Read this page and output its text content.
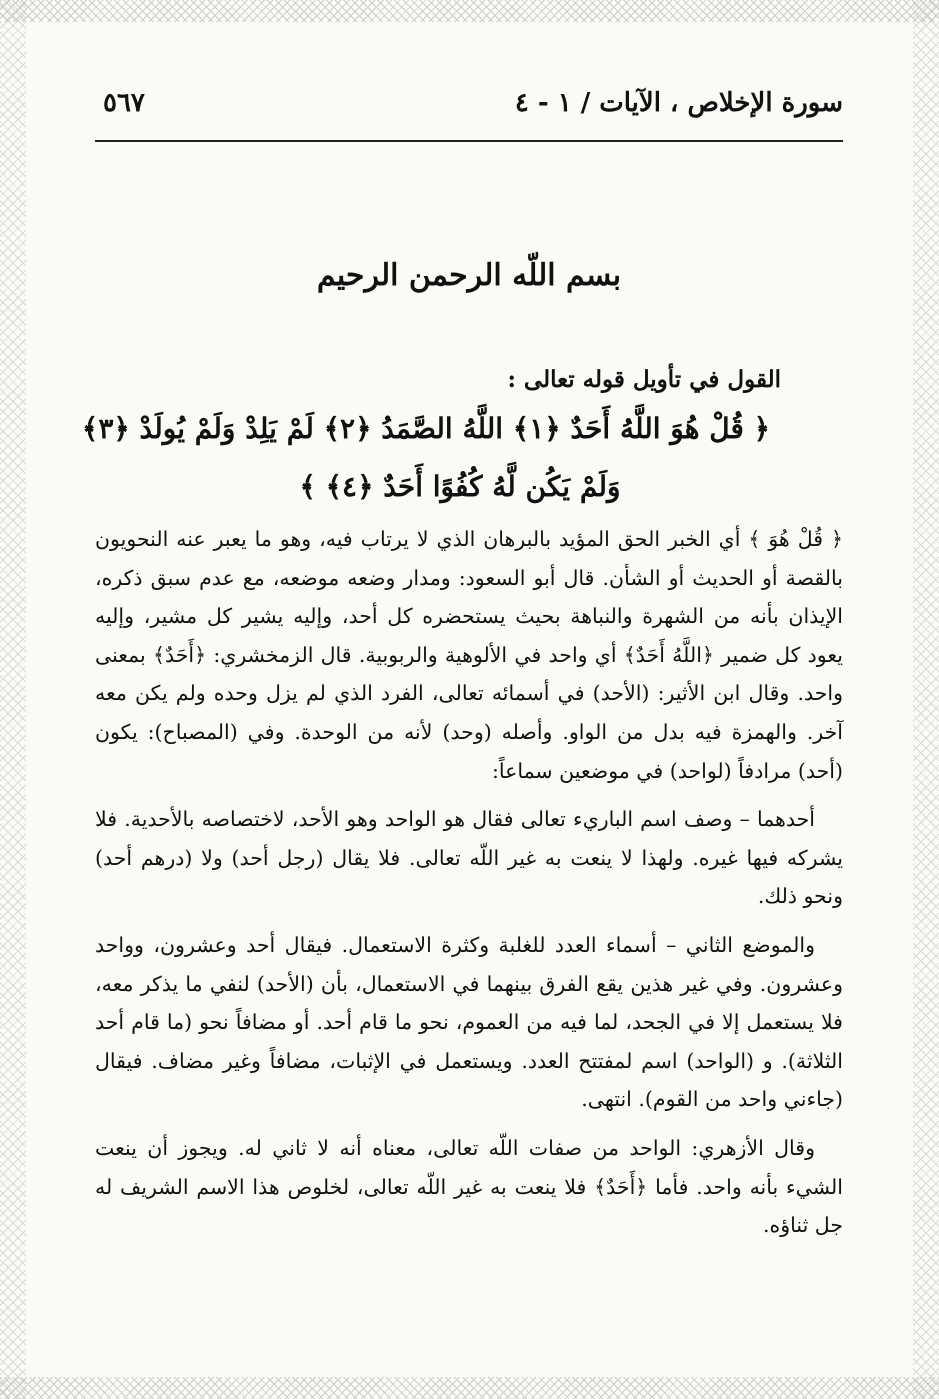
سورة الإخلاص ، الآيات / ١ - ٤
٥٦٧
بسم اللّه الرحمن الرحيم
القول في تأويل قوله تعالى :
﴿ قُلْ هُوَ اللَّهُ أَحَدٌ ﴿١﴾ اللَّهُ الصَّمَدُ ﴿٢﴾ لَمْ يَلِدْ وَلَمْ يُولَدْ ﴿٣﴾
وَلَمْ يَكُن لَّهُ كُفُوًا أَحَدٌ ﴿٤﴾ ﴾

﴿ قُلْ هُوَ ﴾ أي الخبر الحق المؤيد بالبرهان الذي لا يرتاب فيه، وهو ما يعبر عنه النحويون بالقصة أو الحديث أو الشأن. قال أبو السعود: ومدار وضعه موضعه، مع عدم سبق ذكره، الإيذان بأنه من الشهرة والنباهة بحيث يستحضره كل أحد، وإليه يشير كل مشير، وإليه يعود كل ضمير ﴿اللَّهُ أَحَدٌ﴾ أي واحد في الألوهية والربوبية. قال الزمخشري: ﴿أَحَدٌ﴾ بمعنى واحد. وقال ابن الأثير: (الأحد) في أسمائه تعالى، الفرد الذي لم يزل وحده ولم يكن معه آخر. والهمزة فيه بدل من الواو. وأصله (وحد) لأنه من الوحدة. وفي (المصباح): يكون (أحد) مرادفاً (لواحد) في موضعين سماعاً:

أحدهما – وصف اسم الباريء تعالى فقال هو الواحد وهو الأحد، لاختصاصه بالأحدية. فلا يشركه فيها غيره. ولهذا لا ينعت به غير اللّه تعالى. فلا يقال (رجل أحد) ولا (درهم أحد) ونحو ذلك.

والموضع الثاني – أسماء العدد للغلبة وكثرة الاستعمال. فيقال أحد وعشرون، وواحد وعشرون. وفي غير هذين يقع الفرق بينهما في الاستعمال، بأن (الأحد) لنفي ما يذكر معه، فلا يستعمل إلا في الجحد، لما فيه من العموم، نحو ما قام أحد. أو مضافاً نحو (ما قام أحد الثلاثة). و (الواحد) اسم لمفتتح العدد. ويستعمل في الإثبات، مضافاً وغير مضاف. فيقال (جاءني واحد من القوم). انتهى.

وقال الأزهري: الواحد من صفات اللّه تعالى، معناه أنه لا ثاني له. ويجوز أن ينعت الشيء بأنه واحد. فأما ﴿أَحَدٌ﴾ فلا ينعت به غير اللّه تعالى، لخلوص هذا الاسم الشريف له جل ثناؤه.
